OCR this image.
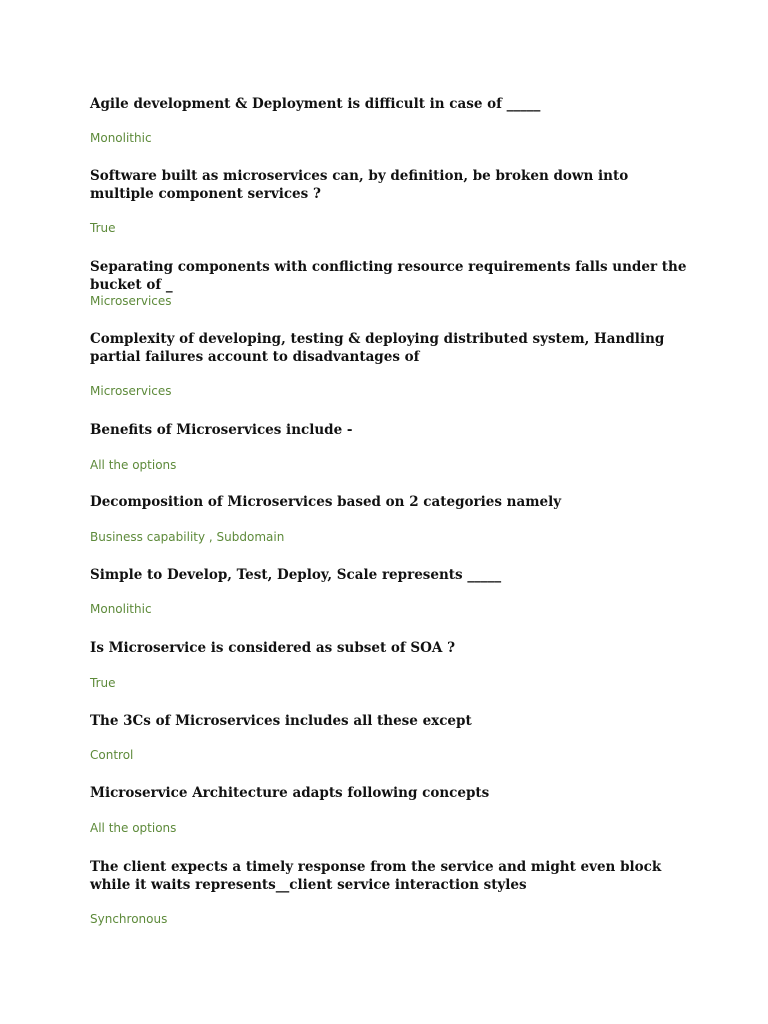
Agile development & Deployment is difficult in case of _____

Monolithic

Software built as microservices can, by definition, be broken down into multiple component services ?

True

Separating components with conflicting resource requirements falls under the bucket of _

Microservices

Complexity of developing, testing & deploying distributed system, Handling partial failures account to disadvantages of

Microservices

Benefits of Microservices include -

All the options

Decomposition of Microservices based on 2 categories namely

Business capability , Subdomain

Simple to Develop, Test, Deploy, Scale represents _____

Monolithic

Is Microservice is considered as subset of SOA ?

True

The 3Cs of Microservices includes all these except

Control

Microservice Architecture adapts following concepts

All the options

The client expects a timely response from the service and might even block while it waits represents__client service interaction styles

Synchronous
